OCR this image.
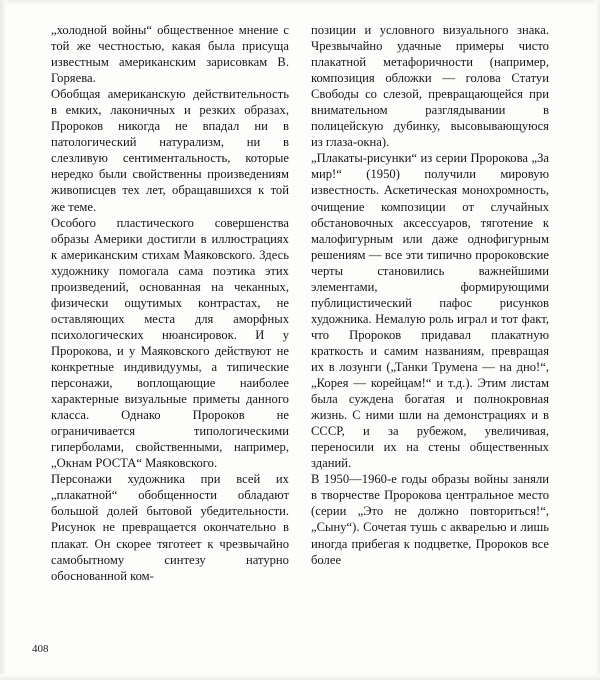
„холодной войны“ общественное мнение с той же честностью, какая была присуща известным американским зарисовкам В. Горяева.

Обобщая американскую действительность в емких, лаконичных и резких образах, Пророков никогда не впадал ни в патологический натурализм, ни в слезливую сентиментальность, которые нередко были свойственны произведениям живописцев тех лет, обращавшихся к той же теме.

Особого пластического совершенства образы Америки достигли в иллюстрациях к американским стихам Маяковского. Здесь художнику помогала сама поэтика этих произведений, основанная на чеканных, физически ощутимых контрастах, не оставляющих места для аморфных психологических нюансировок. И у Пророкова, и у Маяковского действуют не конкретные индивидуумы, а типические персонажи, воплощающие наиболее характерные визуальные приметы данного класса. Однако Пророков не ограничивается типологическими гиперболами, свойственными, например, „Окнам РОСТА“ Маяковского.

Персонажи художника при всей их „плакатной“ обобщенности обладают большой долей бытовой убедительности. Рисунок не превращается окончательно в плакат. Он скорее тяготеет к чрезвычайно самобытному синтезу натурно обоснованной ком-

позиции и условного визуального знака. Чрезвычайно удачные примеры чисто плакатной метафоричности (например, композиция обложки — голова Статуи Свободы со слезой, превращающейся при внимательном разглядывании в полицейскую дубинку, высовывающуюся из глаза-окна).

„Плакаты-рисунки“ из серии Пророкова „За мир!“ (1950) получили мировую известность. Аскетическая монохромность, очищение композиции от случайных обстановочных аксессуаров, тяготение к малофигурным или даже однофигурным решениям — все эти типично пророковские черты становились важнейшими элементами, формирующими публицистический пафос рисунков художника. Немалую роль играл и тот факт, что Пророков придавал плакатную краткость и самим названиям, превращая их в лозунги („Танки Трумена — на дно!“, „Корея — корейцам!“ и т.д.). Этим листам была суждена богатая и полнокровная жизнь. С ними шли на демонстрациях и в СССР, и за рубежом, увеличивая, переносили их на стены общественных зданий.

В 1950—1960-е годы образы войны заняли в творчестве Пророкова центральное место (серии „Это не должно повториться!“, „Сыну“). Сочетая тушь с акварелью и лишь иногда прибегая к подцветке, Пророков все более

408
